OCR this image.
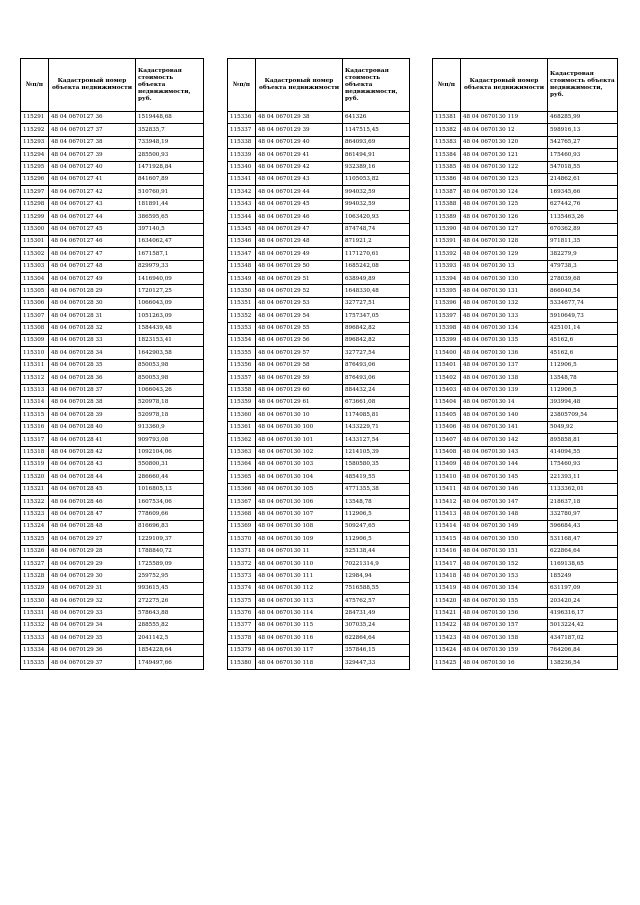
№п/п	Кадастровый номер объекта недвижимости	Кадастровая стоимость объекта недвижимости, руб.
115291	48 04 0670127 36	1519448,68
115292	48 04 0670127 37	352835,7
115293	48 04 0670127 38	733948,19
115294	48 04 0670127 39	285500,93
115295	48 04 0670127 40	1471928,84
115296	48 04 0670127 41	841607,89
115297	48 04 0670127 42	510760,91
115298	48 04 0670127 43	181891,44
115299	48 04 0670127 44	386595,65
115300	48 04 0670127 45	397140,5
115301	48 04 0670127 46	1634062,47
115302	48 04 0670127 47	1671587,1
115303	48 04 0670127 48	829979,33
115304	48 04 0670127 49	1416940,09
115305	48 04 0670128 29	1720127,25
115306	48 04 0670128 30	1066043,09
115307	48 04 0670128 31	1051263,09
115308	48 04 0670128 32	1584439,48
115309	48 04 0670128 33	1823153,41
115310	48 04 0670128 34	1642903,58
115311	48 04 0670128 35	850053,98
115312	48 04 0670128 36	850053,98
115313	48 04 0670128 37	1066043,26
115314	48 04 0670128 38	520978,18
115315	48 04 0670128 39	520978,18
115316	48 04 0670128 40	913360,9
115317	48 04 0670128 41	909793,08
115318	48 04 0670128 42	1092104,06
115319	48 04 0670128 43	550800,31
115320	48 04 0670128 44	286660,44
115321	48 04 0670128 45	1016805,13
115322	48 04 0670128 46	1607534,06
115323	48 04 0670128 47	778609,66
115324	48 04 0670128 48	816696,83
115325	48 04 0670129 27	1229109,37
115326	48 04 0670129 28	1788840,72
115327	48 04 0670129 29	1725589,09
115328	48 04 0670129 30	259752,95
115329	48 04 0670129 31	993615,45
115330	48 04 0670129 32	272275,26
115331	48 04 0670129 33	578643,88
115332	48 04 0670129 34	288555,82
115333	48 04 0670129 35	2041142,5
115334	48 04 0670129 36	1854228,64
115335	48 04 0670129 37	1749497,66
№п/п	Кадастровый номер объекта недвижимости	Кадастровая стоимость объекта недвижимости, руб.
115336	48 04 0670129 38	641326
115337	48 04 0670129 39	1147515,45
115338	48 04 0670129 40	864093,69
115339	48 04 0670129 41	861494,91
115340	48 04 0670129 42	932389,16
115341	48 04 0670129 43	1105053,82
115342	48 04 0670129 44	994032,59
115343	48 04 0670129 45	994032,59
115344	48 04 0670129 46	1063420,93
115345	48 04 0670129 47	874748,74
115346	48 04 0670129 48	871921,2
115347	48 04 0670129 49	1171270,61
115348	48 04 0670129 50	1685242,08
115349	48 04 0670129 51	638949,89
115350	48 04 0670129 52	1648330,48
115351	48 04 0670129 53	327727,51
115352	48 04 0670129 54	1757347,05
115353	48 04 0670129 55	896842,82
115354	48 04 0670129 56	896842,82
115355	48 04 0670129 57	327727,54
115356	48 04 0670129 58	876493,06
115357	48 04 0670129 59	876493,06
115358	48 04 0670129 60	884432,24
115359	48 04 0670129 61	673661,08
115360	48 04 0670130 10	1174085,81
115361	48 04 0670130 100	1433229,71
115362	48 04 0670130 101	1433127,54
115363	48 04 0670130 102	1214105,39
115364	48 04 0670130 103	1580580,35
115365	48 04 0670130 104	485419,55
115366	48 04 0670130 105	4771355,38
115367	48 04 0670130 106	13548,78
115368	48 04 0670130 107	112906,5
115369	48 04 0670130 108	509247,65
115370	48 04 0670130 109	112906,5
115371	48 04 0670130 11	525138,44
115372	48 04 0670130 110	70221314,9
115373	48 04 0670130 111	12984,94
115374	48 04 0670130 112	7516588,55
115375	48 04 0670130 113	475762,57
115376	48 04 0670130 114	284731,49
115377	48 04 0670130 115	307035,24
115378	48 04 0670130 116	622864,64
115379	48 04 0670130 117	357846,15
115380	48 04 0670130 118	329447,33
№п/п	Кадастровый номер объекта недвижимости	Кадастровая стоимость объекта недвижимости, руб.
115381	48 04 0670130 119	468285,99
115382	48 04 0670130 12	598916,13
115383	48 04 0670130 120	542765,27
115384	48 04 0670130 121	175460,93
115385	48 04 0670130 122	547018,55
115386	48 04 0670130 123	214862,61
115387	48 04 0670130 124	169345,66
115388	48 04 0670130 125	627442,76
115389	48 04 0670130 126	1135463,26
115390	48 04 0670130 127	670362,89
115391	48 04 0670130 128	971811,35
115392	48 04 0670130 129	382279,9
115393	48 04 0670130 13	479738,3
115394	48 04 0670130 130	278039,68
115395	48 04 0670130 131	866040,54
115396	48 04 0670130 132	5334677,74
115397	48 04 0670130 133	5910649,73
115398	48 04 0670130 134	425101,14
115399	48 04 0670130 135	45162,6
115400	48 04 0670130 136	45162,6
115401	48 04 0670130 137	112906,5
115402	48 04 0670130 138	13548,78
115403	48 04 0670130 139	112906,5
115404	48 04 0670130 14	393994,48
115405	48 04 0670130 140	23805709,54
115406	48 04 0670130 141	5049,92
115407	48 04 0670130 142	895858,81
115408	48 04 0670130 143	414094,55
115409	48 04 0670130 144	175460,93
115410	48 04 0670130 145	221393,11
115411	48 04 0670130 146	1133362,01
115412	48 04 0670130 147	218637,18
115413	48 04 0670130 148	332780,97
115414	48 04 0670130 149	596684,43
115415	48 04 0670130 150	531168,47
115416	48 04 0670130 151	622864,64
115417	48 04 0670130 152	1169138,65
115418	48 04 0670130 153	185249
115419	48 04 0670130 154	631197,09
115420	48 04 0670130 155	203420,24
115421	48 04 0670130 156	4196316,17
115422	48 04 0670130 157	5013224,42
115423	48 04 0670130 158	4347187,02
115424	48 04 0670130 159	764206,84
115425	48 04 0670130 16	138236,54
